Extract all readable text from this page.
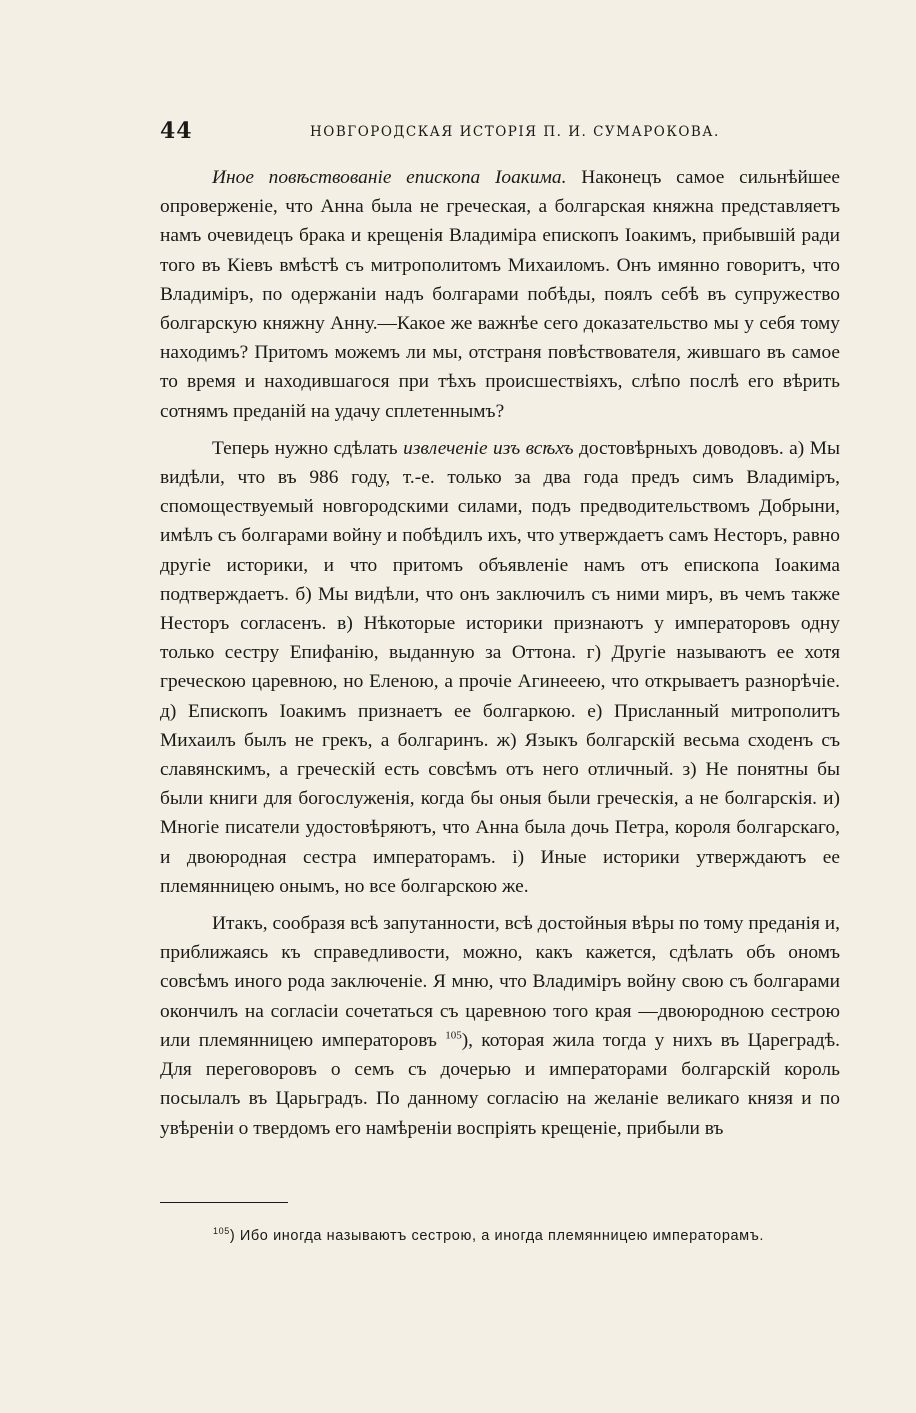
44	НОВГОРОДСКАЯ ИСТОРІЯ П. И. СУМАРОКОВА.

Иное повѣствованіе епископа Іоакима. Наконецъ самое сильнѣйшее опроверженіе, что Анна была не греческая, а болгарская княжна представляетъ намъ очевидецъ брака и крещенія Владиміра епископъ Іоакимъ, прибывшій ради того въ Кіевъ вмѣстѣ съ митрополитомъ Михаиломъ. Онъ имянно говоритъ, что Владиміръ, по одержаніи надъ болгарами побѣды, поялъ себѣ въ супружество болгарскую княжну Анну.—Какое же важнѣе сего доказательство мы у себя тому находимъ? Притомъ можемъ ли мы, отстраня повѣствователя, жившаго въ самое то время и находившагося при тѣхъ происшествіяхъ, слѣпо послѣ его вѣрить сотнямъ преданій на удачу сплетеннымъ?

Теперь нужно сдѣлать извлеченіе изъ всѣхъ достовѣрныхъ доводовъ. а) Мы видѣли, что въ 986 году, т.-е. только за два года предъ симъ Владиміръ, спомоществуемый новгородскими силами, подъ предводительствомъ Добрыни, имѣлъ съ болгарами войну и побѣдилъ ихъ, что утверждаетъ самъ Несторъ, равно другіе историки, и что притомъ объявленіе намъ отъ епископа Іоакима подтверждаетъ. б) Мы видѣли, что онъ заключилъ съ ними миръ, въ чемъ также Несторъ согласенъ. в) Нѣкоторые историки признаютъ у императоровъ одну только сестру Епифанію, выданную за Оттона. г) Другіе называютъ ее хотя греческою царевною, но Еленою, а прочіе Агинееею, что открываетъ разнорѣчіе. д) Епископъ Іоакимъ признаетъ ее болгаркою. е) Присланный митрополитъ Михаилъ былъ не грекъ, а болгаринъ. ж) Языкъ болгарскій весьма сходенъ съ славянскимъ, а греческій есть совсѣмъ отъ него отличный. з) Не понятны бы были книги для богослуженія, когда бы оныя были греческія, а не болгарскія. и) Многіе писатели удостовѣряютъ, что Анна была дочь Петра, короля болгарскаго, и двоюродная сестра императорамъ. і) Иные историки утверждаютъ ее племянницею онымъ, но все болгарскою же.

Итакъ, сообразя всѣ запутанности, всѣ достойныя вѣры по тому преданія и, приближаясь къ справедливости, можно, какъ кажется, сдѣлать объ ономъ совсѣмъ иного рода заключеніе. Я мню, что Владиміръ войну свою съ болгарами окончилъ на согласіи сочетаться съ царевною того края —двоюродною сестрою или племянницею императоровъ $^{105}$), которая жила тогда у нихъ въ Цареградѣ. Для переговоровъ о семъ съ дочерью и императорами болгарскій король посылалъ въ Царьградъ. По данному согласію на желаніе великаго князя и по увѣреніи о твердомъ его намѣреніи воспріять крещеніе, прибыли въ

$^{105}$) Ибо иногда называютъ сестрою, а иногда племянницею императорамъ.
